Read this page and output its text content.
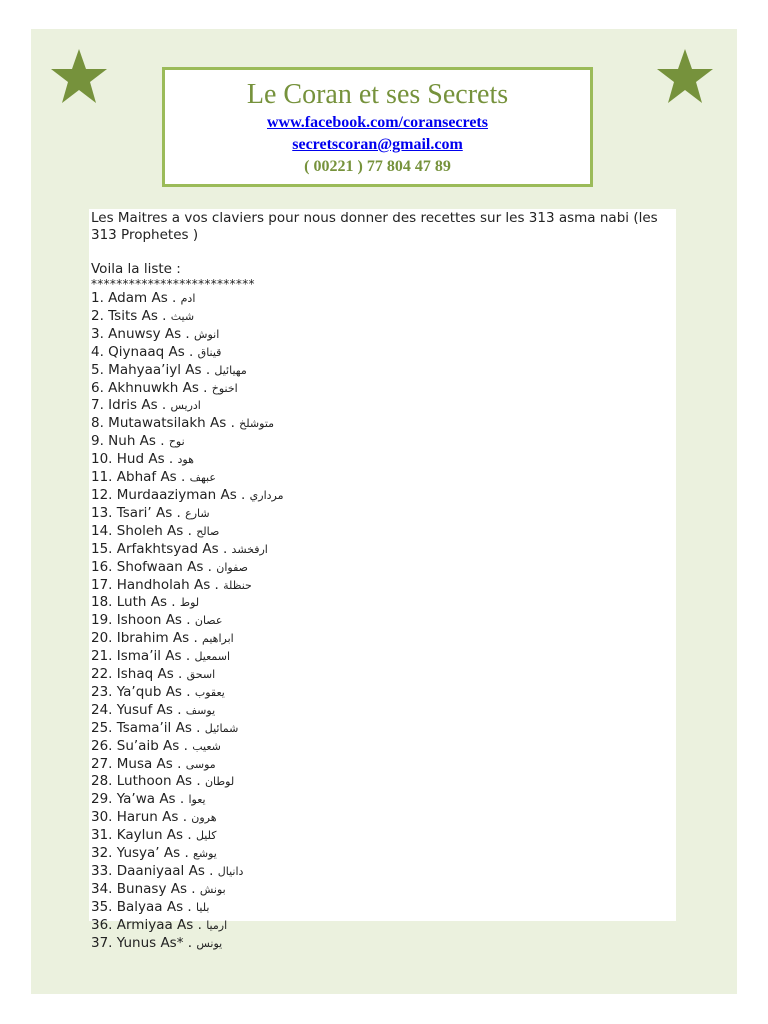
Le Coran et ses Secrets
www.facebook.com/coransecrets
secretscoran@gmail.com
( 00221 ) 77 804 47 89

Les Maitres a vos claviers pour nous donner des recettes sur les 313 asma nabi (les 313 Prophetes )

Voila la liste :
**************************
1. Adam As . ادم
2. Tsits As . شيث
3. Anuwsy As . انوش
4. Qiynaaq As . قيناق
5. Mahyaa’iyl As . مهيائيل
6. Akhnuwkh As . اخنوخ
7. Idris As . ادريس
8. Mutawatsilakh As . متوشلخ
9. Nuh As . نوح
10. Hud As . هود
11. Abhaf As . عبهف
12. Murdaaziyman As . مرداري
13. Tsari’ As . شارع
14. Sholeh As . صالح
15. Arfakhtsyad As . ارفخشد
16. Shofwaan As . صفوان
17. Handholah As . حنظلة
18. Luth As . لوط
19. Ishoon As . عصان
20. Ibrahim As . ابراهيم
21. Isma’il As . اسمعيل
22. Ishaq As . اسحق
23. Ya’qub As . يعقوب
24. Yusuf As . يوسف
25. Tsama’il As . شمائيل
26. Su’aib As . شعيب
27. Musa As . موسى
28. Luthoon As . لوطان
29. Ya’wa As . يعوا
30. Harun As . هرون
31. Kaylun As . كليل
32. Yusya’ As . يوشع
33. Daaniyaal As . دانيال
34. Bunasy As . بونش
35. Balyaa As . بليا
36. Armiyaa As . ارميا
37. Yunus As* . يونس
